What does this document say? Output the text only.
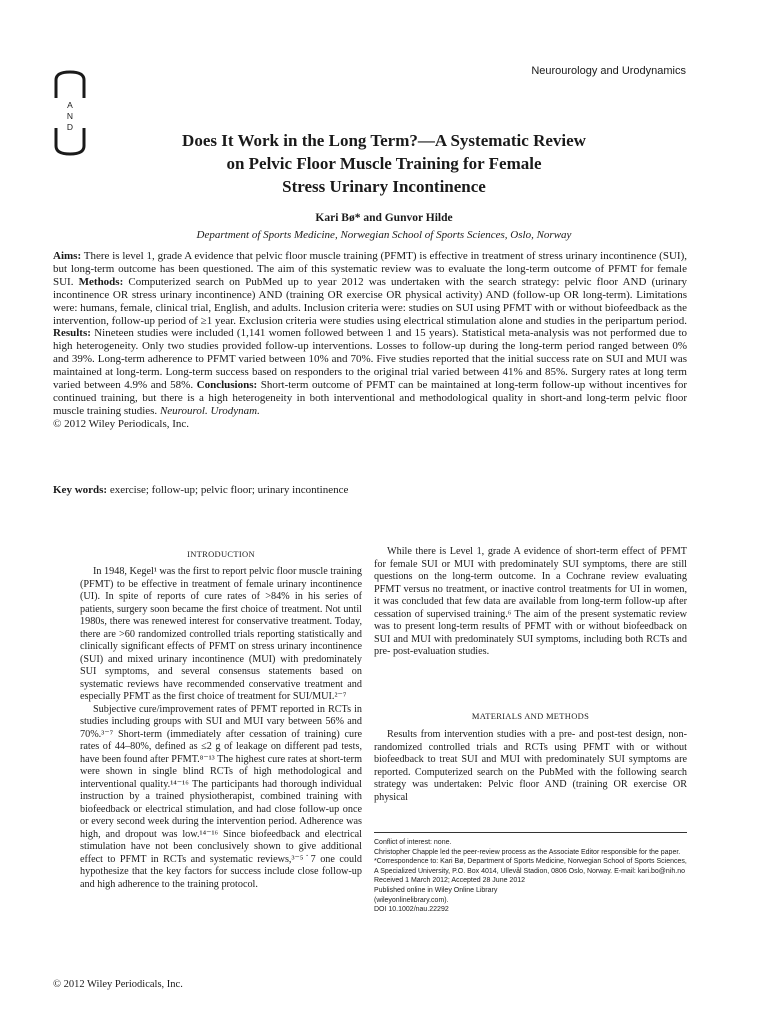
A
N
D
Neurourology and Urodynamics
Does It Work in the Long Term?—A Systematic Review
on Pelvic Floor Muscle Training for Female
Stress Urinary Incontinence
Kari Bø* and Gunvor Hilde
Department of Sports Medicine, Norwegian School of Sports Sciences, Oslo, Norway
Aims: There is level 1, grade A evidence that pelvic floor muscle training (PFMT) is effective in treatment of stress urinary incontinence (SUI), but long-term outcome has been questioned. The aim of this systematic review was to evaluate the long-term outcome of PFMT for female SUI. Methods: Computerized search on PubMed up to year 2012 was undertaken with the search strategy: pelvic floor AND (urinary incontinence OR stress urinary incontinence) AND (training OR exercise OR physical activity) AND (follow-up OR long-term). Limitations were: humans, female, clinical trial, English, and adults. Inclusion criteria were: studies on SUI using PFMT with or without biofeedback as the intervention, follow-up period of ≥1 year. Exclusion criteria were studies using electrical stimulation alone and studies in the peripartum period. Results: Nineteen studies were included (1,141 women followed between 1 and 15 years). Statistical meta-analysis was not performed due to high heterogeneity. Only two studies provided follow-up interventions. Losses to follow-up during the long-term period ranged between 0% and 39%. Long-term adherence to PFMT varied between 10% and 70%. Five studies reported that the initial success rate on SUI and MUI was maintained at long-term. Long-term success based on responders to the original trial varied between 41% and 85%. Surgery rates at long term varied between 4.9% and 58%. Conclusions: Short-term outcome of PFMT can be maintained at long-term follow-up without incentives for continued training, but there is a high heterogeneity in both interventional and methodological quality in short-and long-term pelvic floor muscle training studies. Neurourol. Urodynam.
© 2012 Wiley Periodicals, Inc.
Key words: exercise; follow-up; pelvic floor; urinary incontinence
INTRODUCTION

In 1948, Kegel¹ was the first to report pelvic floor muscle training (PFMT) to be effective in treatment of female urinary incontinence (UI). In spite of reports of cure rates of >84% in his series of patients, surgery soon became the first choice of treatment. Not until 1980s, there was renewed interest for conservative treatment. Today, there are >60 randomized controlled trials reporting statistically and clinically significant effects of PFMT on stress urinary incontinence (SUI) and mixed urinary incontinence (MUI) with predominately SUI symptoms, and several consensus statements based on systematic reviews have recommended conservative treatment and especially PFMT as the first choice of treatment for SUI/MUI.²⁻⁷

Subjective cure/improvement rates of PFMT reported in RCTs in studies including groups with SUI and MUI vary between 56% and 70%.³⁻⁷ Short-term (immediately after cessation of training) cure rates of 44–80%, defined as ≤2 g of leakage on different pad tests, have been found after PFMT.⁸⁻¹³ The highest cure rates at short-term were shown in single blind RCTs of high methodological and interventional quality.¹⁴⁻¹⁶ The participants had thorough individual instruction by a trained physiotherapist, combined training with biofeedback or electrical stimulation, and had close follow-up once or every second week during the intervention period. Adherence was high, and dropout was low.¹⁴⁻¹⁶ Since biofeedback and electrical stimulation have not been conclusively shown to give additional effect to PFMT in RCTs and systematic reviews,³⁻⁵˙7 one could hypothesize that the key factors for success include close follow-up and high adherence to the training protocol.

While there is Level 1, grade A evidence of short-term effect of PFMT for female SUI or MUI with predominately SUI symptoms, there are still questions on the long-term outcome. In a Cochrane review evaluating PFMT versus no treatment, or inactive control treatments for UI in women, it was concluded that few data are available from long-term follow-up after cessation of supervised training.⁶ The aim of the present systematic review was to present long-term results of PFMT with or without biofeedback on SUI and MUI with predominately SUI symptoms, including both RCTs and pre- post-evaluation studies.

MATERIALS AND METHODS

Results from intervention studies with a pre- and post-test design, non-randomized controlled trials and RCTs using PFMT with or without biofeedback to treat SUI and MUI with predominately SUI symptoms are reported. Computerized search on the PubMed with the following search strategy was undertaken: Pelvic floor AND (training OR exercise OR physical

Conflict of interest: none.
Christopher Chapple led the peer-review process as the Associate Editor responsible for the paper.
*Correspondence to: Kari Bø, Department of Sports Medicine, Norwegian School of Sports Sciences, A Specialized University, P.O. Box 4014, Ullevål Stadion, 0806 Oslo, Norway. E-mail: kari.bo@nih.no
Received 1 March 2012; Accepted 28 June 2012
Published online in Wiley Online Library
(wileyonlinelibrary.com).
DOI 10.1002/nau.22292
© 2012 Wiley Periodicals, Inc.
